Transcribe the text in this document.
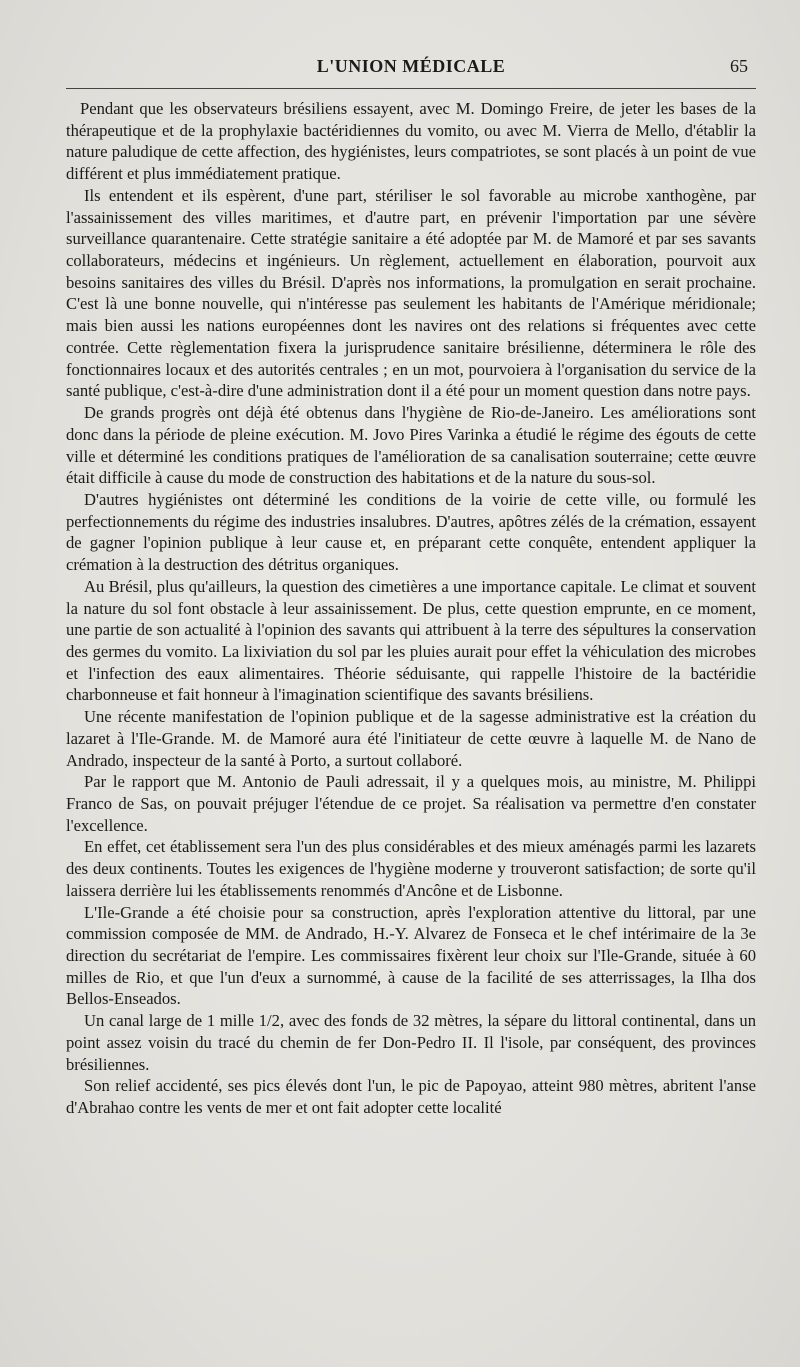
L'UNION MÉDICALE	65

Pendant que les observateurs brésiliens essayent, avec M. Domingo Freire, de jeter les bases de la thérapeutique et de la prophylaxie bactéridiennes du vomito, ou avec M. Vierra de Mello, d'établir la nature paludique de cette affection, des hygiénistes, leurs compatriotes, se sont placés à un point de vue différent et plus immédiatement pratique.

Ils entendent et ils espèrent, d'une part, stériliser le sol favorable au microbe xanthogène, par l'assainissement des villes maritimes, et d'autre part, en prévenir l'importation par une sévère surveillance quarantenaire. Cette stratégie sanitaire a été adoptée par M. de Mamoré et par ses savants collaborateurs, médecins et ingénieurs. Un règlement, actuellement en élaboration, pourvoit aux besoins sanitaires des villes du Brésil. D'après nos informations, la promulgation en serait prochaine. C'est là une bonne nouvelle, qui n'intéresse pas seulement les habitants de l'Amérique méridionale; mais bien aussi les nations européennes dont les navires ont des relations si fréquentes avec cette contrée. Cette règlementation fixera la jurisprudence sanitaire brésilienne, déterminera le rôle des fonctionnaires locaux et des autorités centrales ; en un mot, pourvoiera à l'organisation du service de la santé publique, c'est-à-dire d'une administration dont il a été pour un moment question dans notre pays.

De grands progrès ont déjà été obtenus dans l'hygiène de Rio-de-Janeiro. Les améliorations sont donc dans la période de pleine exécution. M. Jovo Pires Varinka a étudié le régime des égouts de cette ville et déterminé les conditions pratiques de l'amélioration de sa canalisation souterraine; cette œuvre était difficile à cause du mode de construction des habitations et de la nature du sous-sol.

D'autres hygiénistes ont déterminé les conditions de la voirie de cette ville, ou formulé les perfectionnements du régime des industries insalubres. D'autres, apôtres zélés de la crémation, essayent de gagner l'opinion publique à leur cause et, en préparant cette conquête, entendent appliquer la crémation à la destruction des détritus organiques.

Au Brésil, plus qu'ailleurs, la question des cimetières a une importance capitale. Le climat et souvent la nature du sol font obstacle à leur assainissement. De plus, cette question emprunte, en ce moment, une partie de son actualité à l'opinion des savants qui attribuent à la terre des sépultures la conservation des germes du vomito. La lixiviation du sol par les pluies aurait pour effet la véhiculation des microbes et l'infection des eaux alimentaires. Théorie séduisante, qui rappelle l'histoire de la bactéridie charbonneuse et fait honneur à l'imagination scientifique des savants brésiliens.

Une récente manifestation de l'opinion publique et de la sagesse administrative est la création du lazaret à l'Ile-Grande. M. de Mamoré aura été l'initiateur de cette œuvre à laquelle M. de Nano de Andrado, inspecteur de la santé à Porto, a surtout collaboré.

Par le rapport que M. Antonio de Pauli adressait, il y a quelques mois, au ministre, M. Philippi Franco de Sas, on pouvait préjuger l'étendue de ce projet. Sa réalisation va permettre d'en constater l'excellence.

En effet, cet établissement sera l'un des plus considérables et des mieux aménagés parmi les lazarets des deux continents. Toutes les exigences de l'hygiène moderne y trouveront satisfaction; de sorte qu'il laissera derrière lui les établissements renommés d'Ancône et de Lisbonne.

L'Ile-Grande a été choisie pour sa construction, après l'exploration attentive du littoral, par une commission composée de MM. de Andrado, H.-Y. Alvarez de Fonseca et le chef intérimaire de la 3e direction du secrétariat de l'empire. Les commissaires fixèrent leur choix sur l'Ile-Grande, située à 60 milles de Rio, et que l'un d'eux a surnommé, à cause de la facilité de ses atterrissages, la Ilha dos Bellos-Enseados.

Un canal large de 1 mille 1/2, avec des fonds de 32 mètres, la sépare du littoral continental, dans un point assez voisin du tracé du chemin de fer Don-Pedro II. Il l'isole, par conséquent, des provinces brésiliennes.

Son relief accidenté, ses pics élevés dont l'un, le pic de Papoyao, atteint 980 mètres, abritent l'anse d'Abrahao contre les vents de mer et ont fait adopter cette localité
